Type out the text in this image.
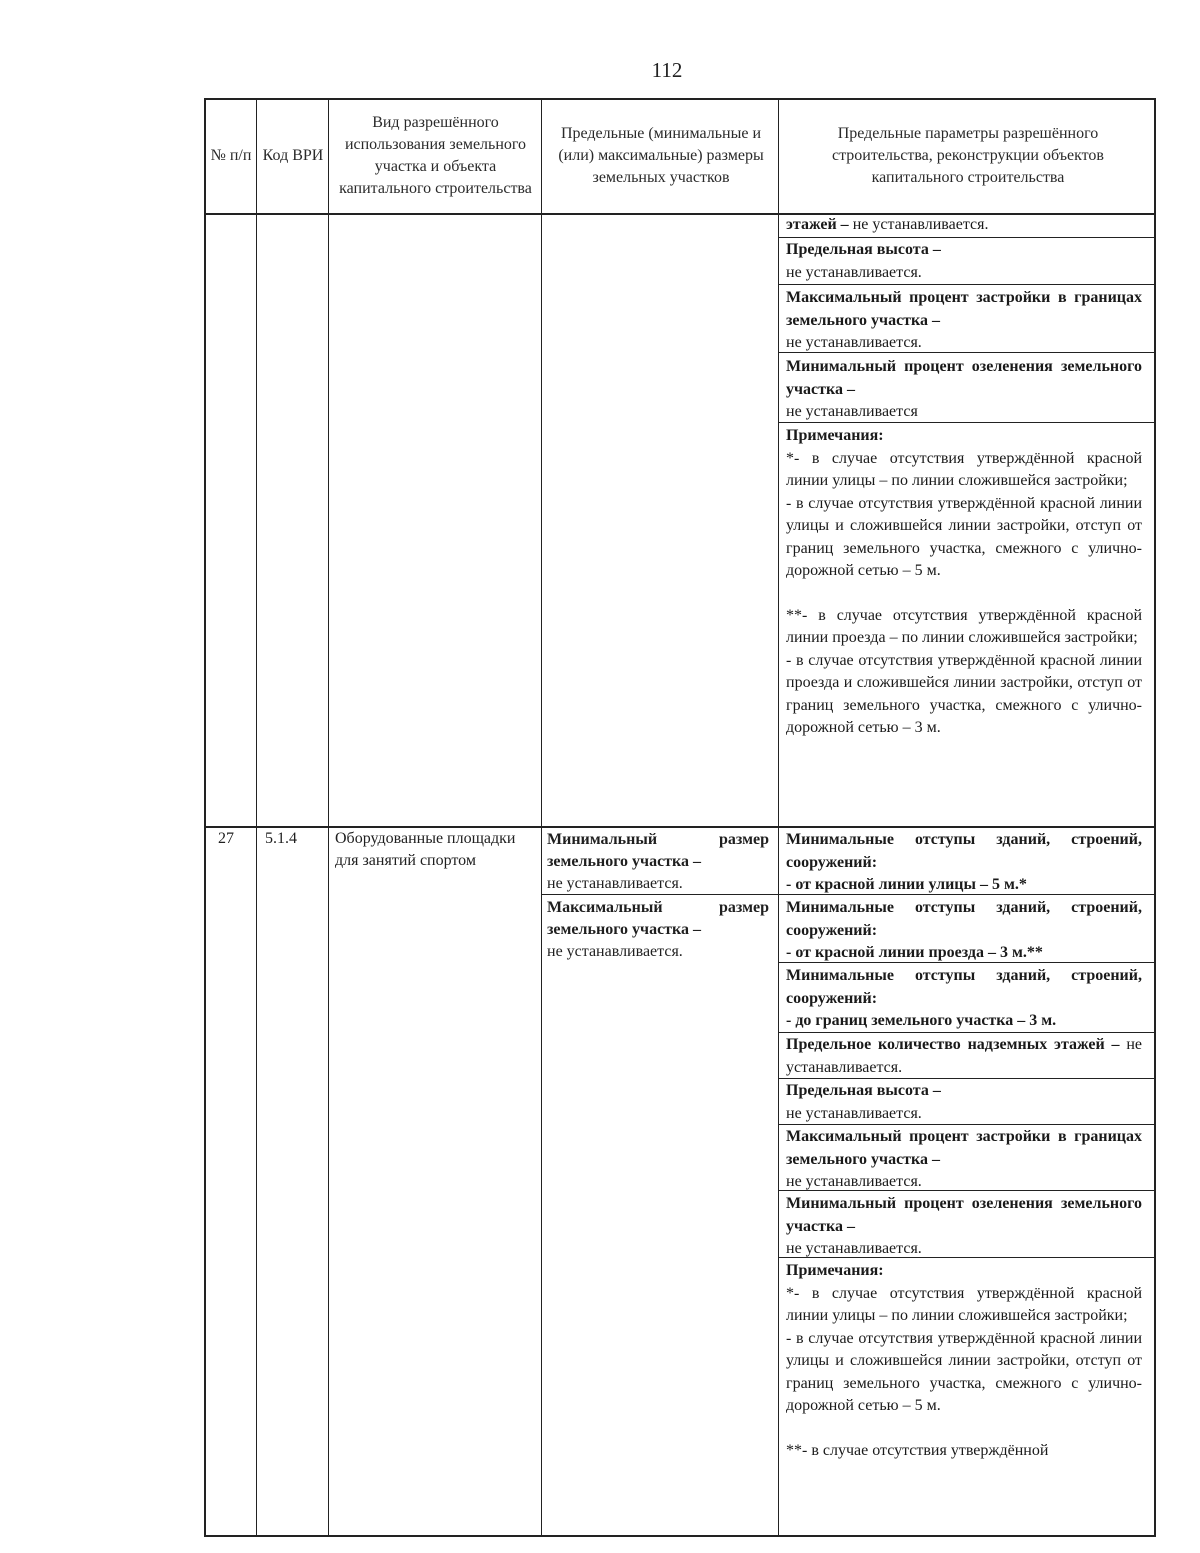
112
№ п/п Код ВРИ
Вид разрешённого использования земельного участка и объекта капитального строительства
Предельные (минимальные и (или) максимальные) размеры земельных участков
Предельные параметры разрешённого строительства, реконструкции объектов капитального строительства
этажей – не устанавливается.
Предельная высота –
не устанавливается.
Максимальный процент застройки в границах земельного участка –
не устанавливается.
Минимальный процент озеленения земельного участка –
не устанавливается
Примечания:
*- в случае отсутствия утверждённой красной линии улицы – по линии сложившейся застройки;
- в случае отсутствия утверждённой красной линии улицы и сложившейся линии застройки, отступ от границ земельного участка, смежного с улично-дорожной сетью – 5 м.
**- в случае отсутствия утверждённой красной линии проезда – по линии сложившейся застройки;
- в случае отсутствия утверждённой красной линии проезда и сложившейся линии застройки, отступ от границ земельного участка, смежного с улично-дорожной сетью – 3 м.
27 5.1.4 Оборудованные площадки для занятий спортом
Минимальный размер земельного участка –
не устанавливается.
Максимальный размер земельного участка –
не устанавливается.
Минимальные отступы зданий, строений, сооружений:
- от красной линии улицы – 5 м.*
Минимальные отступы зданий, строений, сооружений:
- от красной линии проезда – 3 м.**
Минимальные отступы зданий, строений, сооружений:
- до границ земельного участка – 3 м.
Предельное количество надземных этажей – не устанавливается.
Предельная высота –
не устанавливается.
Максимальный процент застройки в границах земельного участка –
не устанавливается.
Минимальный процент озеленения земельного участка –
не устанавливается.
Примечания:
*- в случае отсутствия утверждённой красной линии улицы – по линии сложившейся застройки;
- в случае отсутствия утверждённой красной линии улицы и сложившейся линии застройки, отступ от границ земельного участка, смежного с улично-дорожной сетью – 5 м.
**- в случае отсутствия утверждённой
